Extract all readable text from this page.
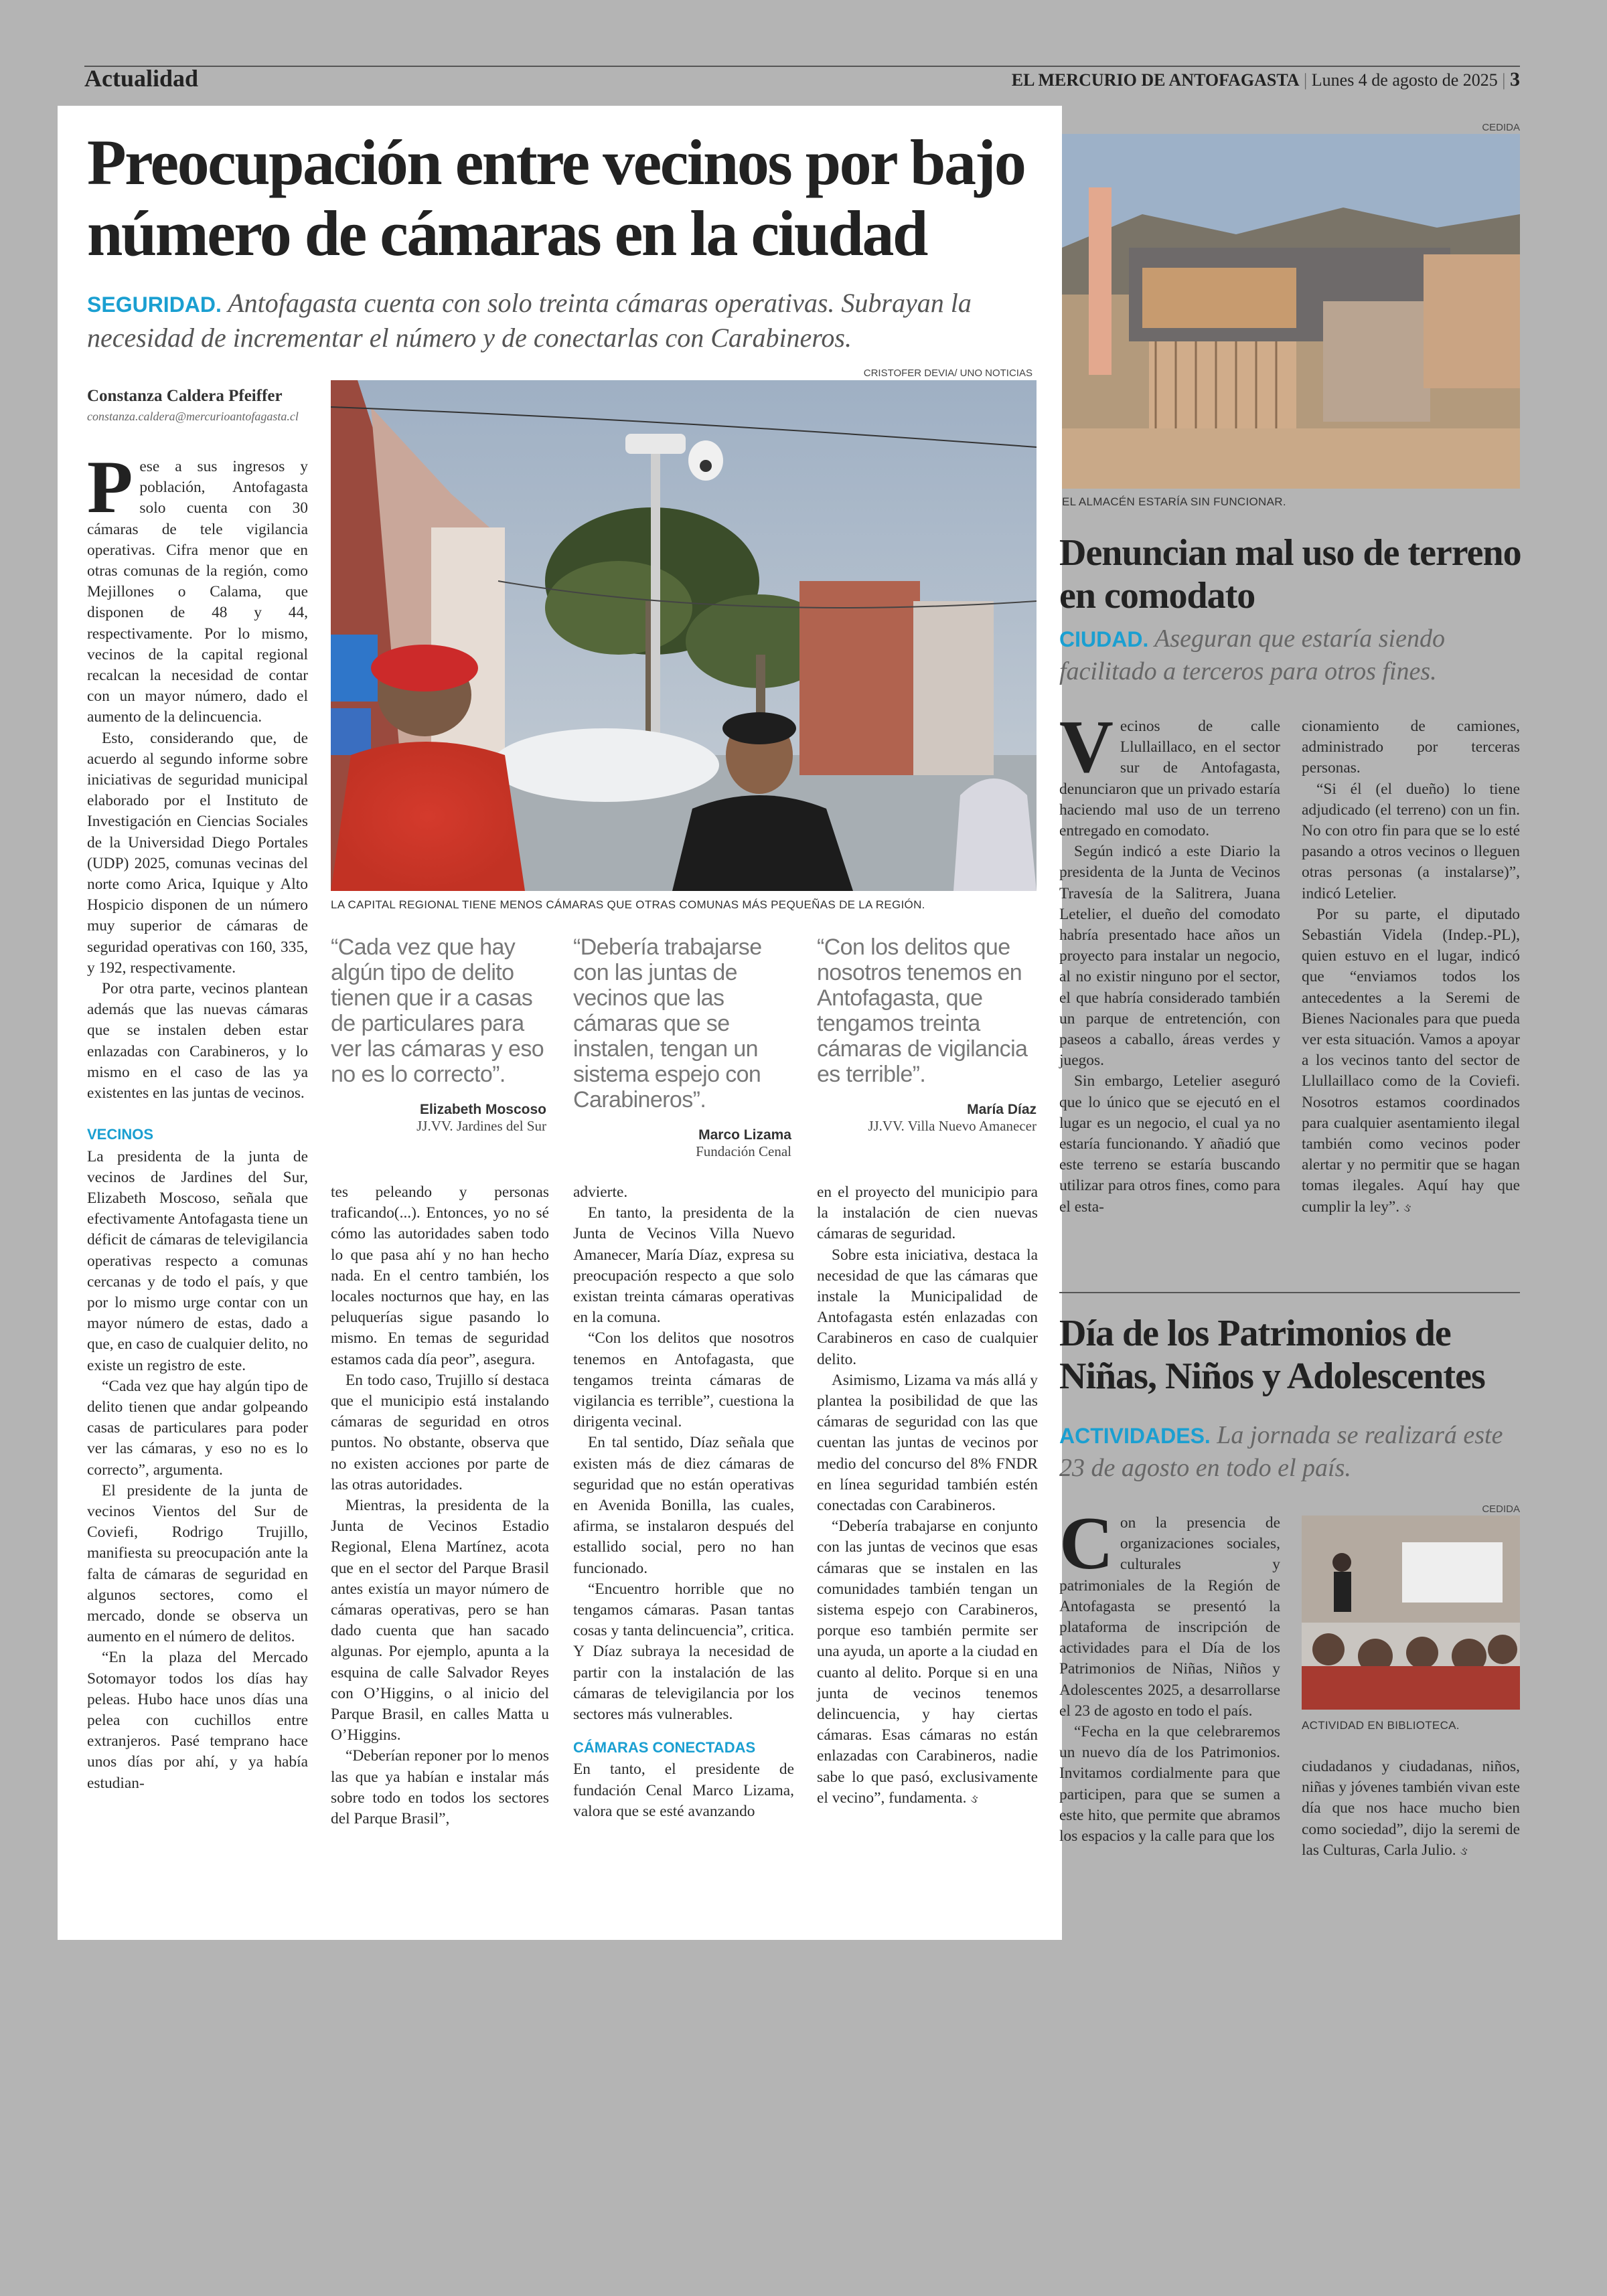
Actualidad	EL MERCURIO DE ANTOFAGASTA | Lunes 4 de agosto de 2025 | 3
Preocupación entre vecinos por bajo número de cámaras en la ciudad
SEGURIDAD. Antofagasta cuenta con solo treinta cámaras operativas. Subrayan la necesidad de incrementar el número y de conectarlas con Carabineros.
Constanza Caldera Pfeiffer
constanza.caldera@mercurioantofagasta.cl
CRISTOFER DEVIA/ UNO NOTICIAS
LA CAPITAL REGIONAL TIENE MENOS CÁMARAS QUE OTRAS COMUNAS MÁS PEQUEÑAS DE LA REGIÓN.

Pese a sus ingresos y población, Antofagasta solo cuenta con 30 cámaras de tele vigilancia operativas. Cifra menor que en otras comunas de la región, como Mejillones o Calama, que disponen de 48 y 44, respectivamente. Por lo mismo, vecinos de la capital regional recalcan la necesidad de contar con un mayor número, dado el aumento de la delincuencia.

Esto, considerando que, de acuerdo al segundo informe sobre iniciativas de seguridad municipal elaborado por el Instituto de Investigación en Ciencias Sociales de la Universidad Diego Portales (UDP) 2025, comunas vecinas del norte como Arica, Iquique y Alto Hospicio disponen de un número muy superior de cámaras de seguridad operativas con 160, 335, y 192, respectivamente.

Por otra parte, vecinos plantean además que las nuevas cámaras que se instalen deben estar enlazadas con Carabineros, y lo mismo en el caso de las ya existentes en las juntas de vecinos.

VECINOS

La presidenta de la junta de vecinos de Jardines del Sur, Elizabeth Moscoso, señala que efectivamente Antofagasta tiene un déficit de cámaras de televigilancia operativas respecto a comunas cercanas y de todo el país, y que por lo mismo urge contar con un mayor número de estas, dado a que, en caso de cualquier delito, no existe un registro de este.

“Cada vez que hay algún tipo de delito tienen que andar golpeando casas de particulares para poder ver las cámaras, y eso no es lo correcto”, argumenta.

El presidente de la junta de vecinos Vientos del Sur de Coviefi, Rodrigo Trujillo, manifiesta su preocupación ante la falta de cámaras de seguridad en algunos sectores, como el mercado, donde se observa un aumento en el número de delitos.

“En la plaza del Mercado Sotomayor todos los días hay peleas. Hubo hace unos días una pelea con cuchillos entre extranjeros. Pasé temprano hace unos días por ahí, y ya había estudian-

“Cada vez que hay algún tipo de delito tienen que ir a casas de particulares para ver las cámaras y eso no es lo correcto”.
Elizabeth Moscoso
JJ.VV. Jardines del Sur
“Debería trabajarse con las juntas de vecinos que las cámaras que se instalen, tengan un sistema espejo con Carabineros”.
Marco Lizama
Fundación Cenal
“Con los delitos que nosotros tenemos en Antofagasta, que tengamos treinta cámaras de vigilancia es terrible”.
María Díaz
JJ.VV. Villa Nuevo Amanecer

tes peleando y personas traficando(...). Entonces, yo no sé cómo las autoridades saben todo lo que pasa ahí y no han hecho nada. En el centro también, los locales nocturnos que hay, en las peluquerías sigue pasando lo mismo. En temas de seguridad estamos cada día peor”, asegura.

En todo caso, Trujillo sí destaca que el municipio está instalando cámaras de seguridad en otros puntos. No obstante, observa que no existen acciones por parte de las otras autoridades.

Mientras, la presidenta de la Junta de Vecinos Estadio Regional, Elena Martínez, acota que en el sector del Parque Brasil antes existía un mayor número de cámaras operativas, pero se han dado cuenta que han sacado algunas. Por ejemplo, apunta a la esquina de calle Salvador Reyes con O’Higgins, o al inicio del Parque Brasil, en calles Matta u O’Higgins.

“Deberían reponer por lo menos las que ya habían e instalar más sobre todo en todos los sectores del Parque Brasil”,

advierte.

En tanto, la presidenta de la Junta de Vecinos Villa Nuevo Amanecer, María Díaz, expresa su preocupación respecto a que solo existan treinta cámaras operativas en la comuna.

“Con los delitos que nosotros tenemos en Antofagasta, que tengamos treinta cámaras de vigilancia es terrible”, cuestiona la dirigenta vecinal.

En tal sentido, Díaz señala que existen más de diez cámaras de seguridad que no están operativas en Avenida Bonilla, las cuales, afirma, se instalaron después del estallido social, pero no han funcionado.

“Encuentro horrible que no tengamos cámaras. Pasan tantas cosas y tanta delincuencia”, critica. Y Díaz subraya la necesidad de partir con la instalación de las cámaras de televigilancia por los sectores más vulnerables.

CÁMARAS CONECTADAS

En tanto, el presidente de fundación Cenal Marco Lizama, valora que se esté avanzando

en el proyecto del municipio para la instalación de cien nuevas cámaras de seguridad.

Sobre esta iniciativa, destaca la necesidad de que las cámaras que instale la Municipalidad de Antofagasta estén enlazadas con Carabineros en caso de cualquier delito.

Asimismo, Lizama va más allá y plantea la posibilidad de que las cámaras de seguridad con las que cuentan las juntas de vecinos por medio del concurso del 8% FNDR en línea seguridad también estén conectadas con Carabineros.

“Debería trabajarse en conjunto con las juntas de vecinos que esas cámaras que se instalen en las comunidades también tengan un sistema espejo con Carabineros, porque eso también permite ser una ayuda, un aporte a la ciudad en cuanto al delito. Porque si en una junta de vecinos tenemos delincuencia, y hay ciertas cámaras. Esas cámaras no están enlazadas con Carabineros, nadie sabe lo que pasó, exclusivamente el vecino”, fundamenta. ઙ

CEDIDA
EL ALMACÉN ESTARÍA SIN FUNCIONAR.
Denuncian mal uso de terreno en comodato
CIUDAD. Aseguran que estaría siendo facilitado a terceros para otros fines.

Vecinos de calle Llullaillaco, en el sector sur de Antofagasta, denunciaron que un privado estaría haciendo mal uso de un terreno entregado en comodato.

Según indicó a este Diario la presidenta de la Junta de Vecinos Travesía de la Salitrera, Juana Letelier, el dueño del comodato habría presentado hace años un proyecto para instalar un negocio, al no existir ninguno por el sector, el que habría considerado también un parque de entretención, con paseos a caballo, áreas verdes y juegos.

Sin embargo, Letelier aseguró que lo único que se ejecutó en el lugar es un negocio, el cual ya no estaría funcionando. Y añadió que este terreno se estaría buscando utilizar para otros fines, como para el esta-

cionamiento de camiones, administrado por terceras personas.

“Si él (el dueño) lo tiene adjudicado (el terreno) con un fin. No con otro fin para que se lo esté pasando a otros vecinos o lleguen otras personas (a instalarse)”, indicó Letelier.

Por su parte, el diputado Sebastián Videla (Indep.-PL), quien estuvo en el lugar, indicó que “enviamos todos los antecedentes a la Seremi de Bienes Nacionales para que pueda ver esta situación. Vamos a apoyar a los vecinos tanto del sector de Llullaillaco como de la Coviefi. Nosotros estamos coordinados para cualquier asentamiento ilegal también como vecinos poder alertar y no permitir que se hagan tomas ilegales. Aquí hay que cumplir la ley”. ઙ

Día de los Patrimonios de Niñas, Niños y Adolescentes
ACTIVIDADES. La jornada se realizará este 23 de agosto en todo el país.
CEDIDA
ACTIVIDAD EN BIBLIOTECA.

Con la presencia de organizaciones sociales, culturales y patrimoniales de la Región de Antofagasta se presentó la plataforma de inscripción de actividades para el Día de los Patrimonios de Niñas, Niños y Adolescentes 2025, a desarrollarse el 23 de agosto en todo el país.

“Fecha en la que celebraremos un nuevo día de los Patrimonios. Invitamos cordialmente para que participen, para que se sumen a este hito, que permite que abramos los espacios y la calle para que los

ciudadanos y ciudadanas, niños, niñas y jóvenes también vivan este día que nos hace mucho bien como sociedad”, dijo la seremi de las Culturas, Carla Julio. ઙ
